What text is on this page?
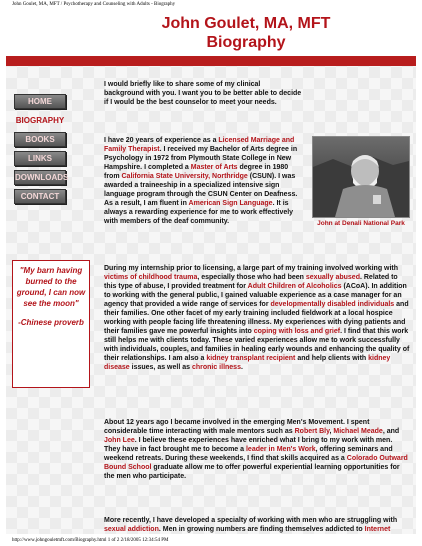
John Goulet, MA, MFT / Psychotherapy and Counseling with Adults - Biography
John Goulet, MA, MFT
Biography
HOME
BIOGRAPHY
BOOKS
LINKS
DOWNLOADS
CONTACT
"My barn having burned to the ground, I can now see the moon"
-Chinese proverb
John at Denali National Park

I would briefly like to share some of my clinical background with you. I want you to be better able to decide if I would be the best counselor to meet your needs.

I have 20 years of experience as a Licensed Marriage and Family Therapist. I received my Bachelor of Arts degree in Psychology in 1972 from Plymouth State College in New Hampshire. I completed a Master of Arts degree in 1980 from California State University, Northridge (CSUN). I was awarded a traineeship in a specialized intensive sign language program through the CSUN Center on Deafness. As a result, I am fluent in American Sign Language. It is always a rewarding experience for me to work effectively with members of the deaf community.

During my internship prior to licensing, a large part of my training involved working with victims of childhood trauma, especially those who had been sexually abused. Related to this type of abuse, I provided treatment for Adult Children of Alcoholics (ACoA). In addition to working with the general public, I gained valuable experience as a case manager for an agency that provided a wide range of services for developmentally disabled individuals and their families. One other facet of my early training included fieldwork at a local hospice working with people facing life threatening illness. My experiences with dying patients and their families gave me powerful insights into coping with loss and grief. I find that this work still helps me with clients today. These varied experiences allow me to work successfully with individuals, couples, and families in healing early wounds and enhancing the quality of their relationships. I am also a kidney transplant recipient and help clients with kidney disease issues, as well as chronic illness.

About 12 years ago I became involved in the emerging Men's Movement. I spent considerable time interacting with male mentors such as Robert Bly, Michael Meade, and John Lee. I believe these experiences have enriched what I bring to my work with men. They have in fact brought me to become a leader in Men's Work, offering seminars and weekend retreats. During these weekends, I find that skills acquired as a Colorado Outward Bound School graduate allow me to offer powerful experiential learning opportunities for the men who participate.

More recently, I have developed a specialty of working with men who are struggling with sexual addiction. Men in growing numbers are finding themselves addicted to Internet

http://www.johngouletmft.com/Biography.html 1 of 2 2/18/2005 12:34:54 PM
